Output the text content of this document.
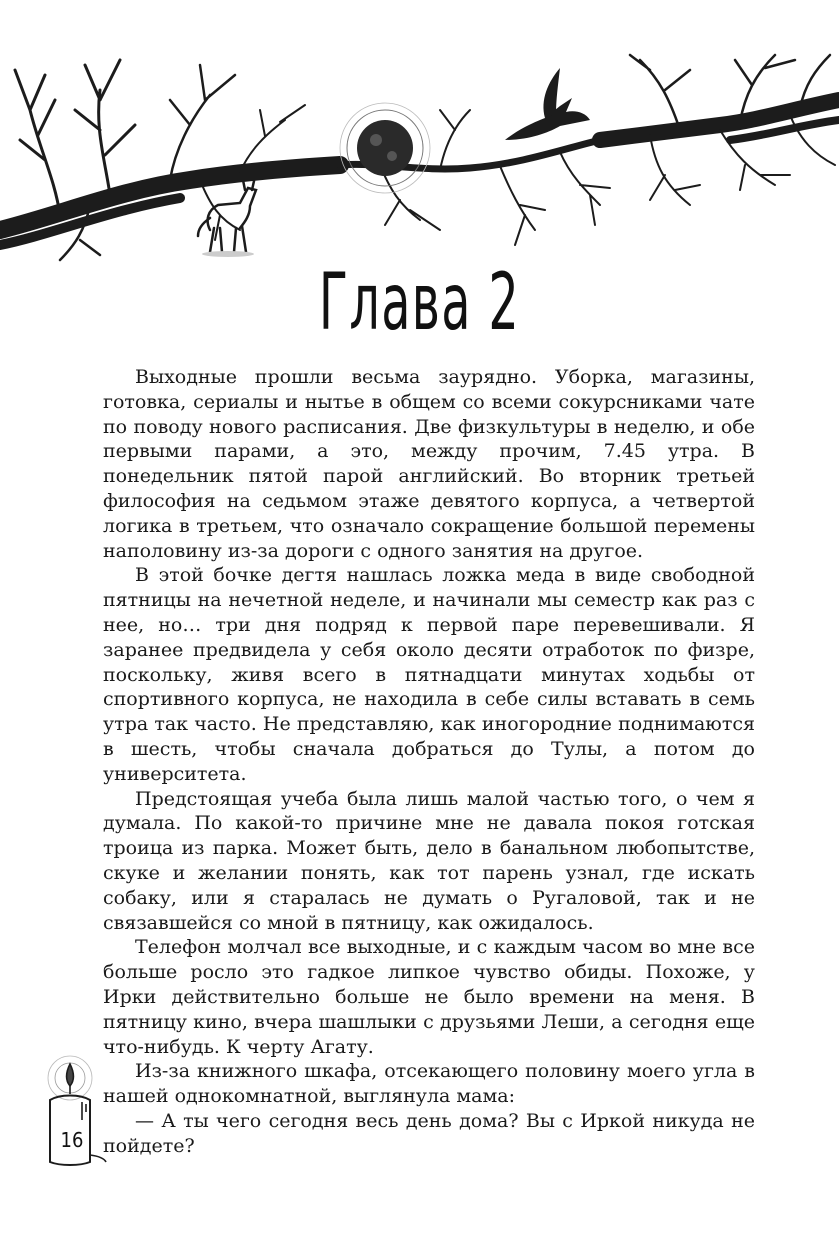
Глава 2

Выходные прошли весьма заурядно. Уборка, магазины, готовка, сериалы и нытье в общем со всеми сокурсниками чате по поводу нового расписания. Две физкультуры в неделю, и обе первыми парами, а это, между прочим, 7.45 утра. В понедельник пятой парой английский. Во вторник третьей философия на седьмом этаже девятого корпуса, а четвертой логика в третьем, что означало сокращение большой перемены наполовину из-за дороги с одного занятия на другое.

В этой бочке дегтя нашлась ложка меда в виде свободной пятницы на нечетной неделе, и начинали мы семестр как раз с нее, но… три дня подряд к первой паре перевешивали. Я заранее предвидела у себя около десяти отработок по физре, поскольку, живя всего в пятнадцати минутах ходьбы от спортивного корпуса, не находила в себе силы вставать в семь утра так часто. Не представляю, как иногородние поднимаются в шесть, чтобы сначала добраться до Тулы, а потом до университета.

Предстоящая учеба была лишь малой частью того, о чем я думала. По какой-то причине мне не давала покоя готская троица из парка. Может быть, дело в банальном любопытстве, скуке и желании понять, как тот парень узнал, где искать собаку, или я старалась не думать о Ругаловой, так и не связавшейся со мной в пятницу, как ожидалось.

Телефон молчал все выходные, и с каждым часом во мне все больше росло это гадкое липкое чувство обиды. Похоже, у Ирки действительно больше не было времени на меня. В пятницу кино, вчера шашлыки с друзьями Леши, а сегодня еще что-нибудь. К черту Агату.

Из-за книжного шкафа, отсекающего половину моего угла в нашей однокомнатной, выглянула мама:

— А ты чего сегодня весь день дома? Вы с Иркой никуда не пойдете?

16
